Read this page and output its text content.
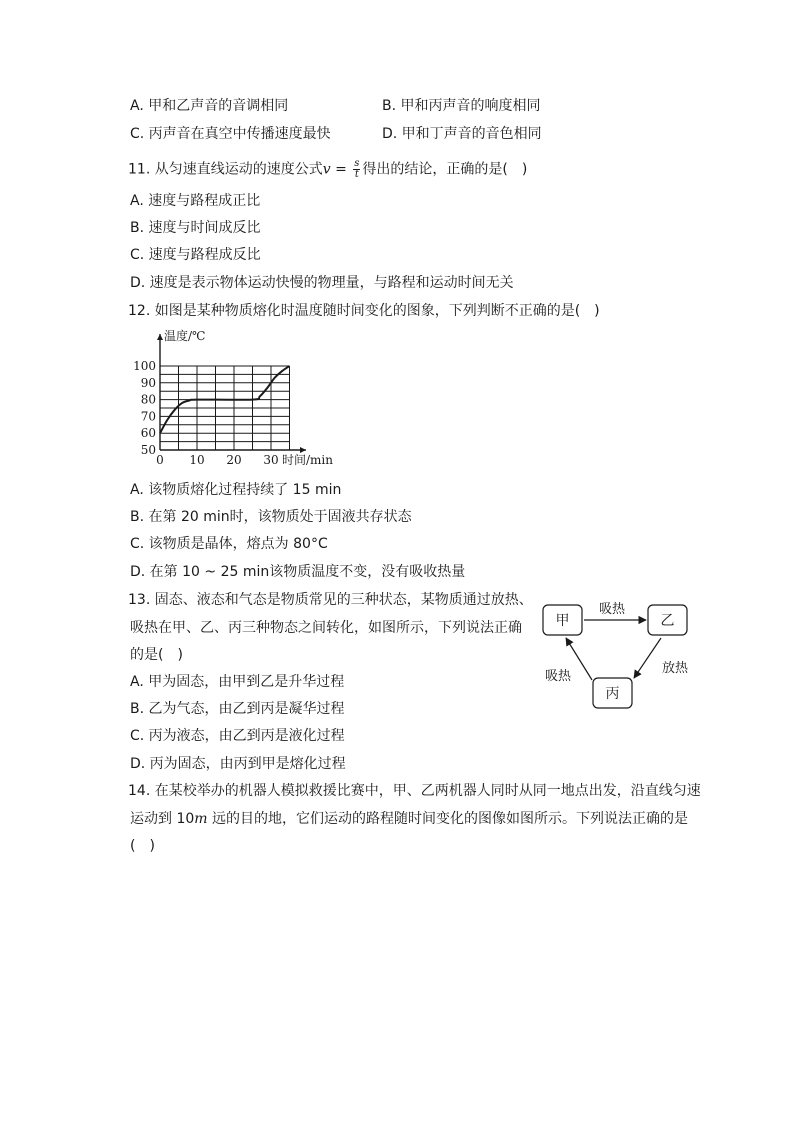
A. 甲和乙声音的音调相同	B. 甲和丙声音的响度相同
C. 丙声音在真空中传播速度最快	D. 甲和丁声音的音色相同
11. 从匀速直线运动的速度公式$v = \frac{s}{t}$ 得出的结论，正确的是(　)
A. 速度与路程成正比
B. 速度与时间成反比
C. 速度与路程成反比
D. 速度是表示物体运动快慢的物理量，与路程和运动时间无关
12. 如图是某种物质熔化时温度随时间变化的图象，下列判断不正确的是(　)
50
60
70
80
90
100
0 10 20 30
温度/℃
时间/min
A. 该物质熔化过程持续了 15 min
B. 在第 20 min时，该物质处于固液共存状态
C. 该物质是晶体，熔点为 80°C
D. 在第 10 ~ 25 min该物质温度不变，没有吸收热量
13. 固态、液态和气态是物质常见的三种状态，某物质通过放热、
吸热在甲、乙、丙三种物态之间转化，如图所示，下列说法正确
的是(　)
A. 甲为固态，由甲到乙是升华过程
B. 乙为气态，由乙到丙是凝华过程
C. 丙为液态，由乙到丙是液化过程
D. 丙为固态，由丙到甲是熔化过程
甲	乙
丙
吸热
放热
吸热
14. 在某校举办的机器人模拟救援比赛中，甲、乙两机器人同时从同一地点出发，沿直线匀速
运动到 10m 远的目的地，它们运动的路程随时间变化的图像如图所示。下列说法正确的是
(　)
